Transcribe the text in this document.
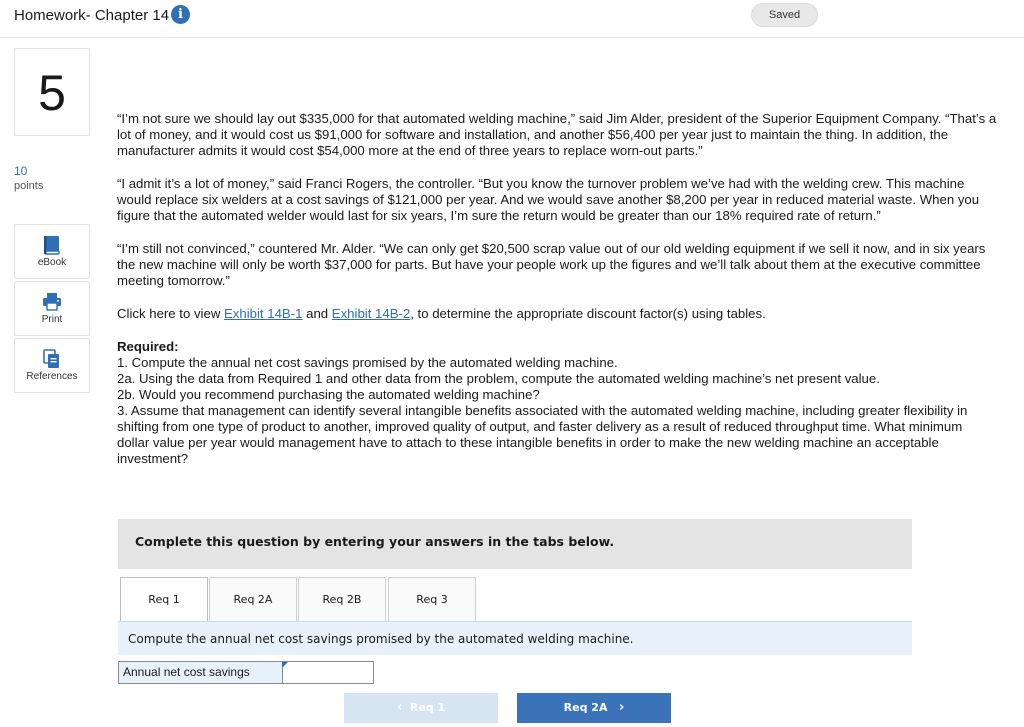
Homework- Chapter 14 i	Saved
5
10
points
eBook
Print
References

“I’m not sure we should lay out $335,000 for that automated welding machine,” said Jim Alder, president of the Superior Equipment Company. “That’s a lot of money, and it would cost us $91,000 for software and installation, and another $56,400 per year just to maintain the thing. In addition, the manufacturer admits it would cost $54,000 more at the end of three years to replace worn-out parts.”

“I admit it’s a lot of money,” said Franci Rogers, the controller. “But you know the turnover problem we’ve had with the welding crew. This machine would replace six welders at a cost savings of $121,000 per year. And we would save another $8,200 per year in reduced material waste. When you figure that the automated welder would last for six years, I’m sure the return would be greater than our 18% required rate of return.”

“I’m still not convinced,” countered Mr. Alder. “We can only get $20,500 scrap value out of our old welding equipment if we sell it now, and in six years the new machine will only be worth $37,000 for parts. But have your people work up the figures and we’ll talk about them at the executive committee meeting tomorrow.”

Click here to view Exhibit 14B-1 and Exhibit 14B-2, to determine the appropriate discount factor(s) using tables.

Required:
1. Compute the annual net cost savings promised by the automated welding machine.
2a. Using the data from Required 1 and other data from the problem, compute the automated welding machine’s net present value.
2b. Would you recommend purchasing the automated welding machine?
3. Assume that management can identify several intangible benefits associated with the automated welding machine, including greater flexibility in shifting from one type of product to another, improved quality of output, and faster delivery as a result of reduced throughput time. What minimum dollar value per year would management have to attach to these intangible benefits in order to make the new welding machine an acceptable investment?
Complete this question by entering your answers in the tabs below.
Req 1	Req 2A	Req 2B	Req 3
Compute the annual net cost savings promised by the automated welding machine.
Annual net cost savings
‹ Req 1	Req 2A ›
